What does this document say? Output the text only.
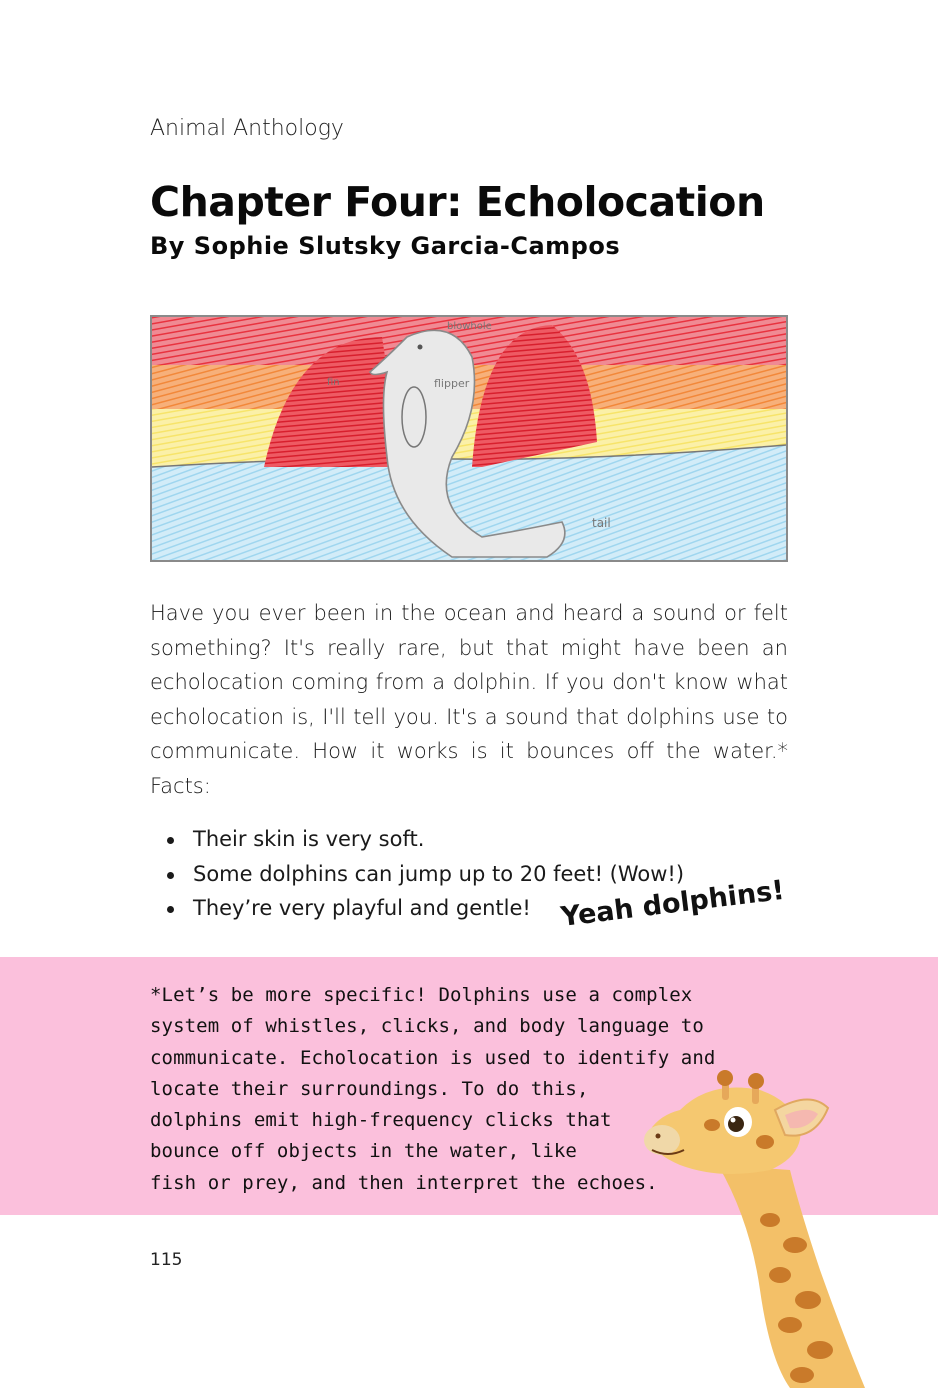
Animal Anthology
Chapter Four: Echolocation
By Sophie Slutsky Garcia-Campos
blowhole
fin	flipper
tail

Have you ever been in the ocean and heard a sound or felt something? It's really rare, but that might have been an echolocation coming from a dolphin. If you don't know what echolocation is, I'll tell you. It's a sound that dolphins use to communicate. How it works is it bounces off the water.* Facts:

Their skin is very soft.
Some dolphins can jump up to 20 feet! (Wow!)
They’re very playful and gentle!	Yeah dolphins!
*Let’s be more specific! Dolphins use a complex
system of whistles, clicks, and body language to
communicate. Echolocation is used to identify and
locate their surroundings. To do this,
dolphins emit high-frequency clicks that
bounce off objects in the water, like
fish or prey, and then interpret the echoes.
115
